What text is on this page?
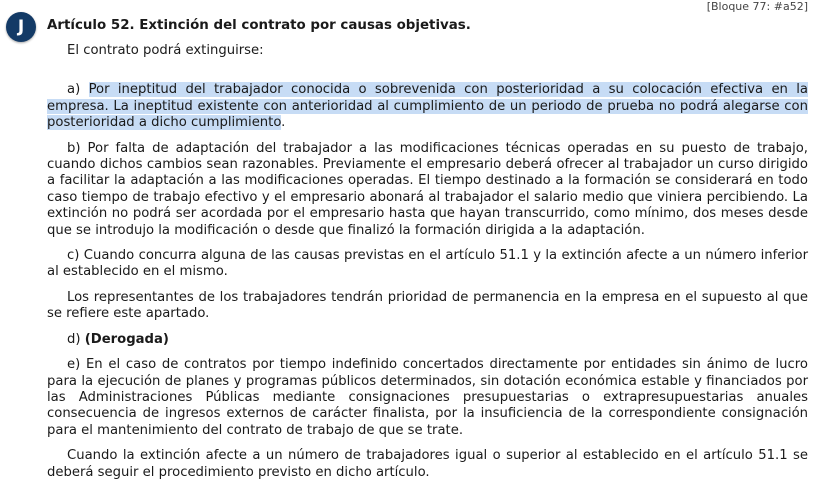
[Bloque 77: #a52]
J	Artículo 52. Extinción del contrato por causas objetivas.

El contrato podrá extinguirse:

a) Por ineptitud del trabajador conocida o sobrevenida con posterioridad a su colocación efectiva en la empresa. La ineptitud existente con anterioridad al cumplimiento de un periodo de prueba no podrá alegarse con posterioridad a dicho cumplimiento.

b) Por falta de adaptación del trabajador a las modificaciones técnicas operadas en su puesto de trabajo, cuando dichos cambios sean razonables. Previamente el empresario deberá ofrecer al trabajador un curso dirigido a facilitar la adaptación a las modificaciones operadas. El tiempo destinado a la formación se considerará en todo caso tiempo de trabajo efectivo y el empresario abonará al trabajador el salario medio que viniera percibiendo. La extinción no podrá ser acordada por el empresario hasta que hayan transcurrido, como mínimo, dos meses desde que se introdujo la modificación o desde que finalizó la formación dirigida a la adaptación.

c) Cuando concurra alguna de las causas previstas en el artículo 51.1 y la extinción afecte a un número inferior al establecido en el mismo.

Los representantes de los trabajadores tendrán prioridad de permanencia en la empresa en el supuesto al que se refiere este apartado.

d) (Derogada)

e) En el caso de contratos por tiempo indefinido concertados directamente por entidades sin ánimo de lucro para la ejecución de planes y programas públicos determinados, sin dotación económica estable y financiados por las Administraciones Públicas mediante consignaciones presupuestarias o extrapresupuestarias anuales consecuencia de ingresos externos de carácter finalista, por la insuficiencia de la correspondiente consignación para el mantenimiento del contrato de trabajo de que se trate.

Cuando la extinción afecte a un número de trabajadores igual o superior al establecido en el artículo 51.1 se deberá seguir el procedimiento previsto en dicho artículo.
